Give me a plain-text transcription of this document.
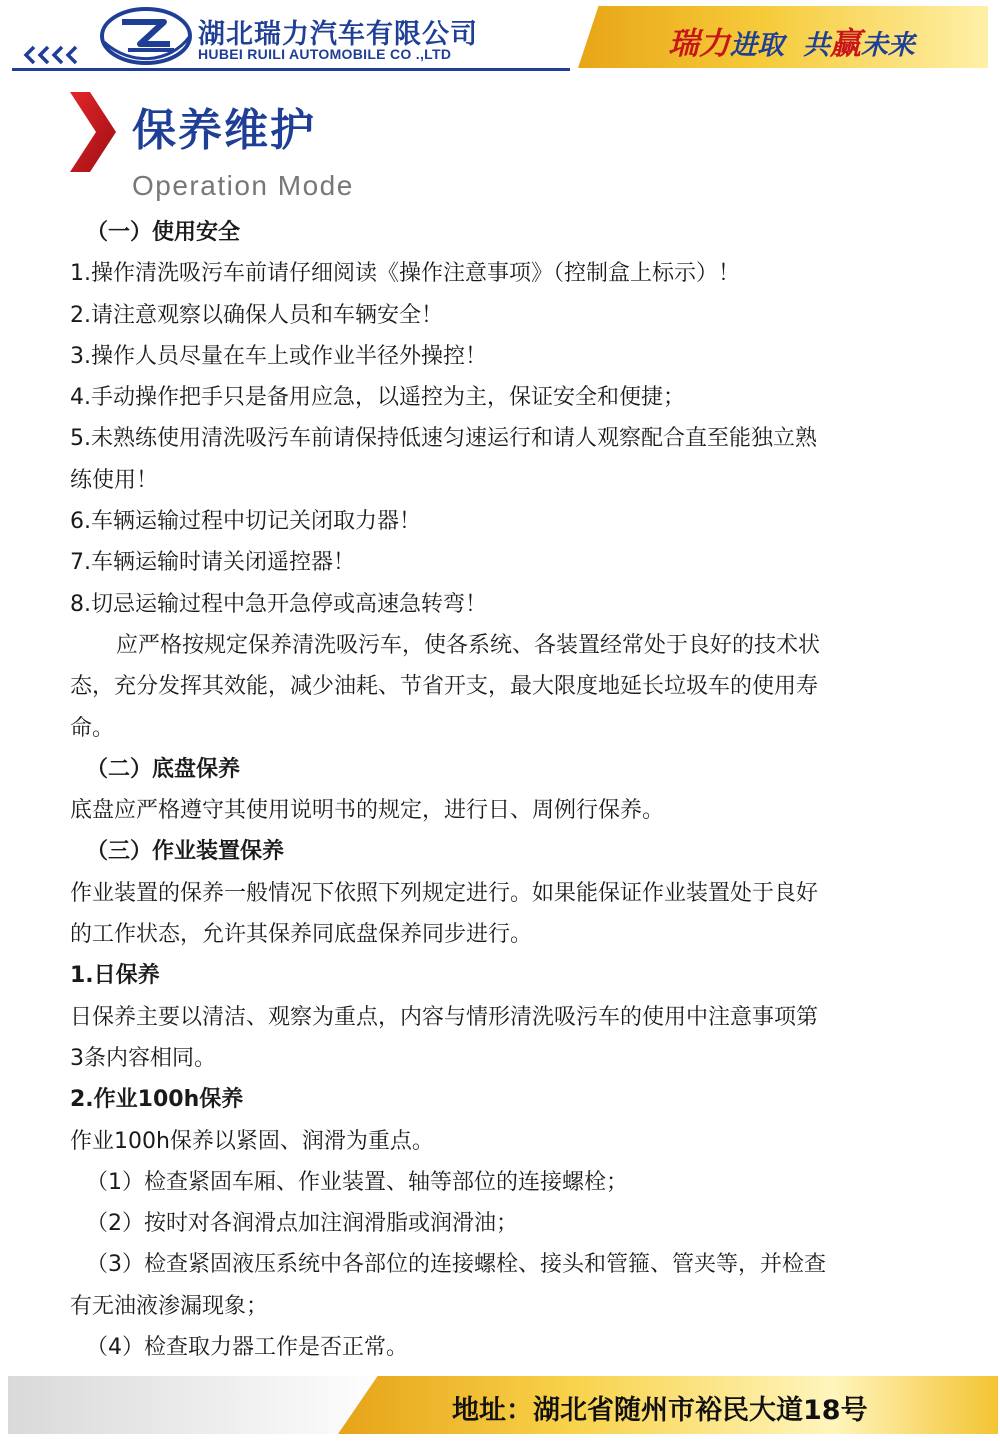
湖北瑞力汽车有限公司
HUBEI RUILI AUTOMOBILE CO .,LTD	瑞力进取 共赢未来
保养维护
Operation Mode
（一）使用安全
1.操作清洗吸污车前请仔细阅读《操作注意事项》（控制盒上标示）！
2.请注意观察以确保人员和车辆安全！
3.操作人员尽量在车上或作业半径外操控！
4.手动操作把手只是备用应急，以遥控为主，保证安全和便捷；
5.未熟练使用清洗吸污车前请保持低速匀速运行和请人观察配合直至能独立熟
练使用！
6.车辆运输过程中切记关闭取力器！
7.车辆运输时请关闭遥控器！
8.切忌运输过程中急开急停或高速急转弯！
应严格按规定保养清洗吸污车，使各系统、各装置经常处于良好的技术状
态，充分发挥其效能，减少油耗、节省开支，最大限度地延长垃圾车的使用寿
命。
（二）底盘保养
底盘应严格遵守其使用说明书的规定，进行日、周例行保养。
（三）作业装置保养
作业装置的保养一般情况下依照下列规定进行。如果能保证作业装置处于良好
的工作状态，允许其保养同底盘保养同步进行。
1.日保养
日保养主要以清洁、观察为重点，内容与情形清洗吸污车的使用中注意事项第
3条内容相同。
2.作业100h保养
作业100h保养以紧固、润滑为重点。
（1）检查紧固车厢、作业装置、轴等部位的连接螺栓；
（2）按时对各润滑点加注润滑脂或润滑油；
（3）检查紧固液压系统中各部位的连接螺栓、接头和管箍、管夹等，并检查
有无油液渗漏现象；
（4）检查取力器工作是否正常。
地址：湖北省随州市裕民大道18号
